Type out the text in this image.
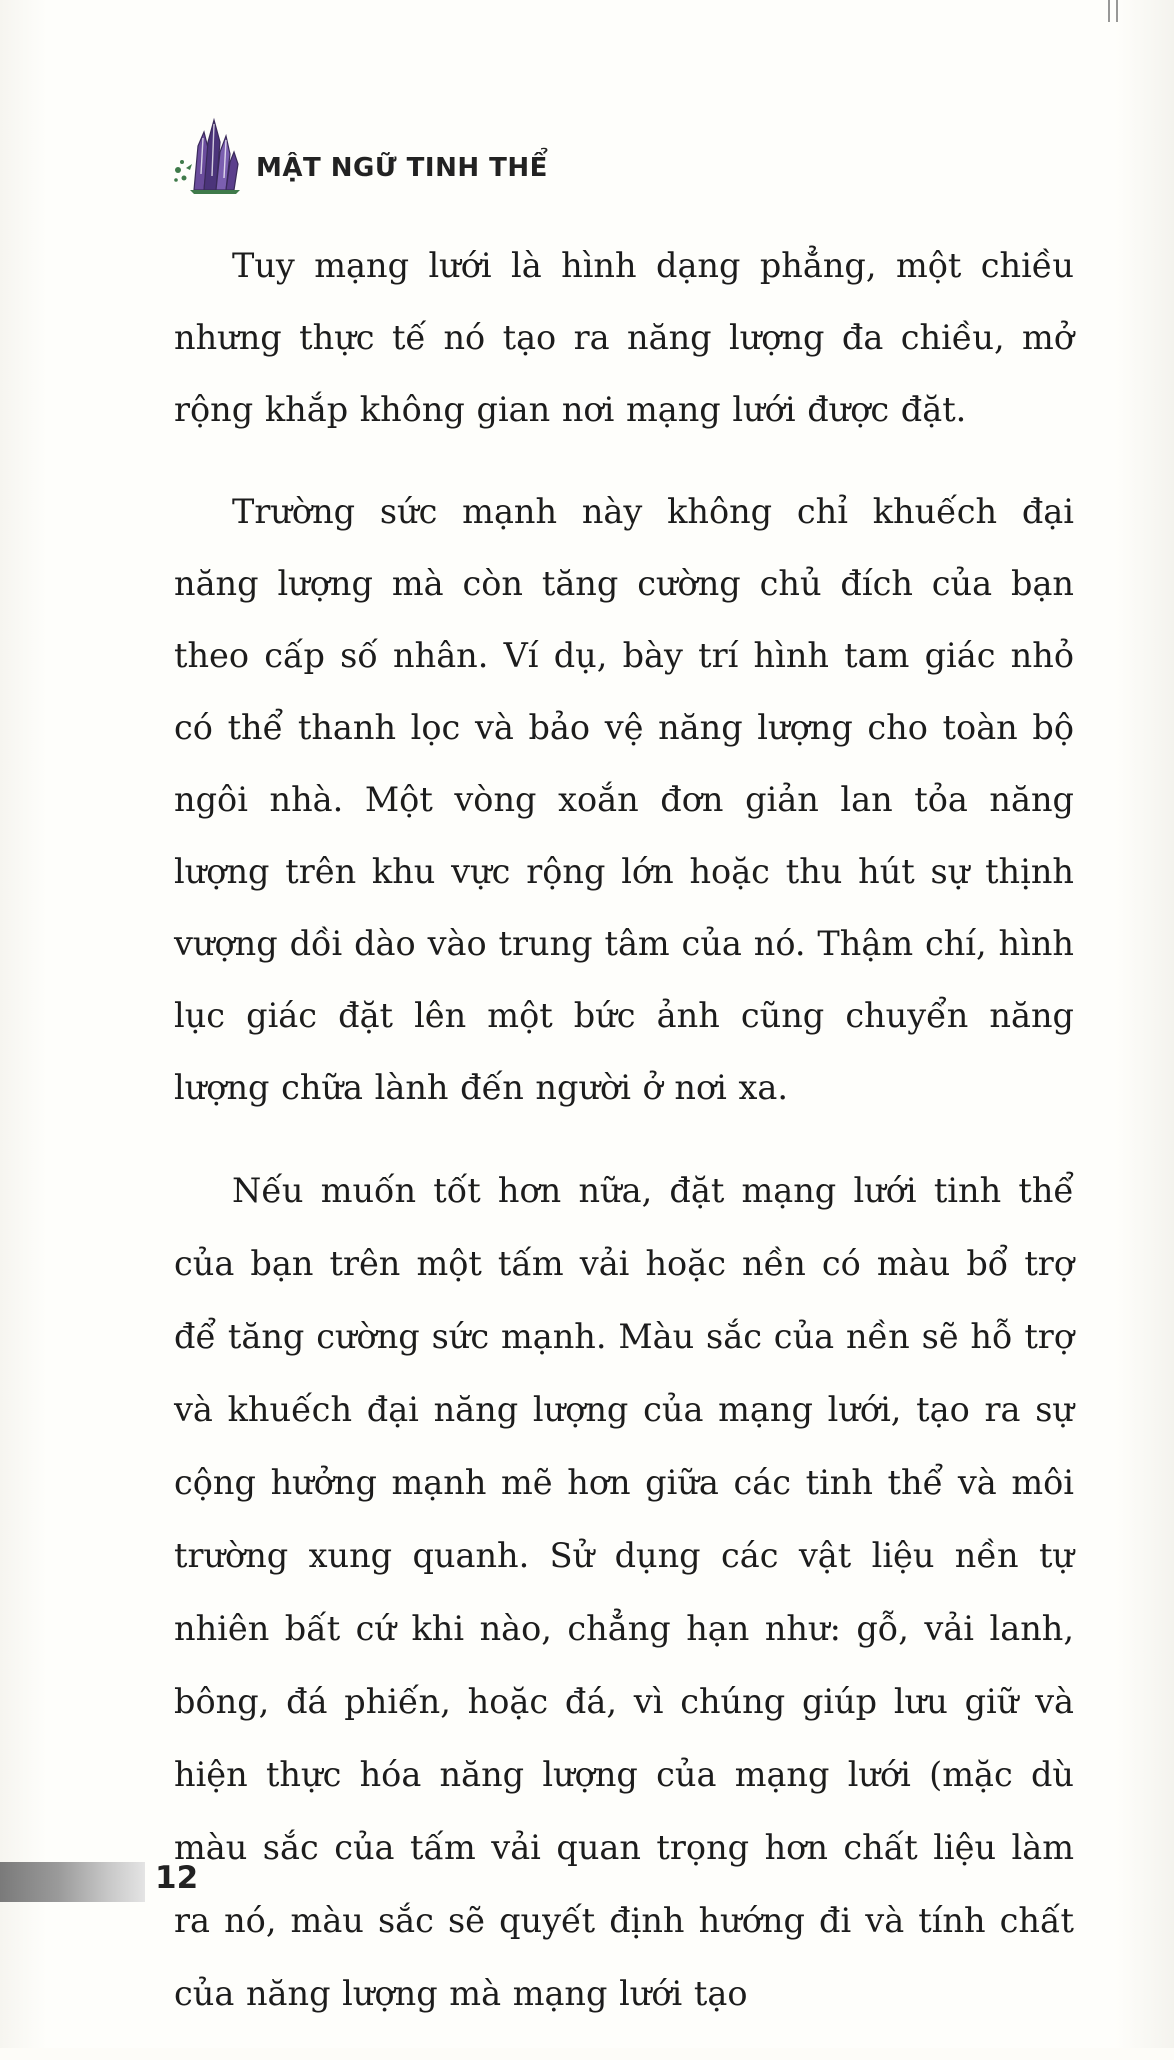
MẬT NGỮ TINH THỂ

Tuy mạng lưới là hình dạng phẳng, một chiều nhưng thực tế nó tạo ra năng lượng đa chiều, mở rộng khắp không gian nơi mạng lưới được đặt.

Trường sức mạnh này không chỉ khuếch đại năng lượng mà còn tăng cường chủ đích của bạn theo cấp số nhân. Ví dụ, bày trí hình tam giác nhỏ có thể thanh lọc và bảo vệ năng lượng cho toàn bộ ngôi nhà. Một vòng xoắn đơn giản lan tỏa năng lượng trên khu vực rộng lớn hoặc thu hút sự thịnh vượng dồi dào vào trung tâm của nó. Thậm chí, hình lục giác đặt lên một bức ảnh cũng chuyển năng lượng chữa lành đến người ở nơi xa.

Nếu muốn tốt hơn nữa, đặt mạng lưới tinh thể của bạn trên một tấm vải hoặc nền có màu bổ trợ để tăng cường sức mạnh. Màu sắc của nền sẽ hỗ trợ và khuếch đại năng lượng của mạng lưới, tạo ra sự cộng hưởng mạnh mẽ hơn giữa các tinh thể và môi trường xung quanh. Sử dụng các vật liệu nền tự nhiên bất cứ khi nào, chẳng hạn như: gỗ, vải lanh, bông, đá phiến, hoặc đá, vì chúng giúp lưu giữ và hiện thực hóa năng lượng của mạng lưới (mặc dù màu sắc của tấm vải quan trọng hơn chất liệu làm ra nó, màu sắc sẽ quyết định hướng đi và tính chất của năng lượng mà mạng lưới tạo

12
